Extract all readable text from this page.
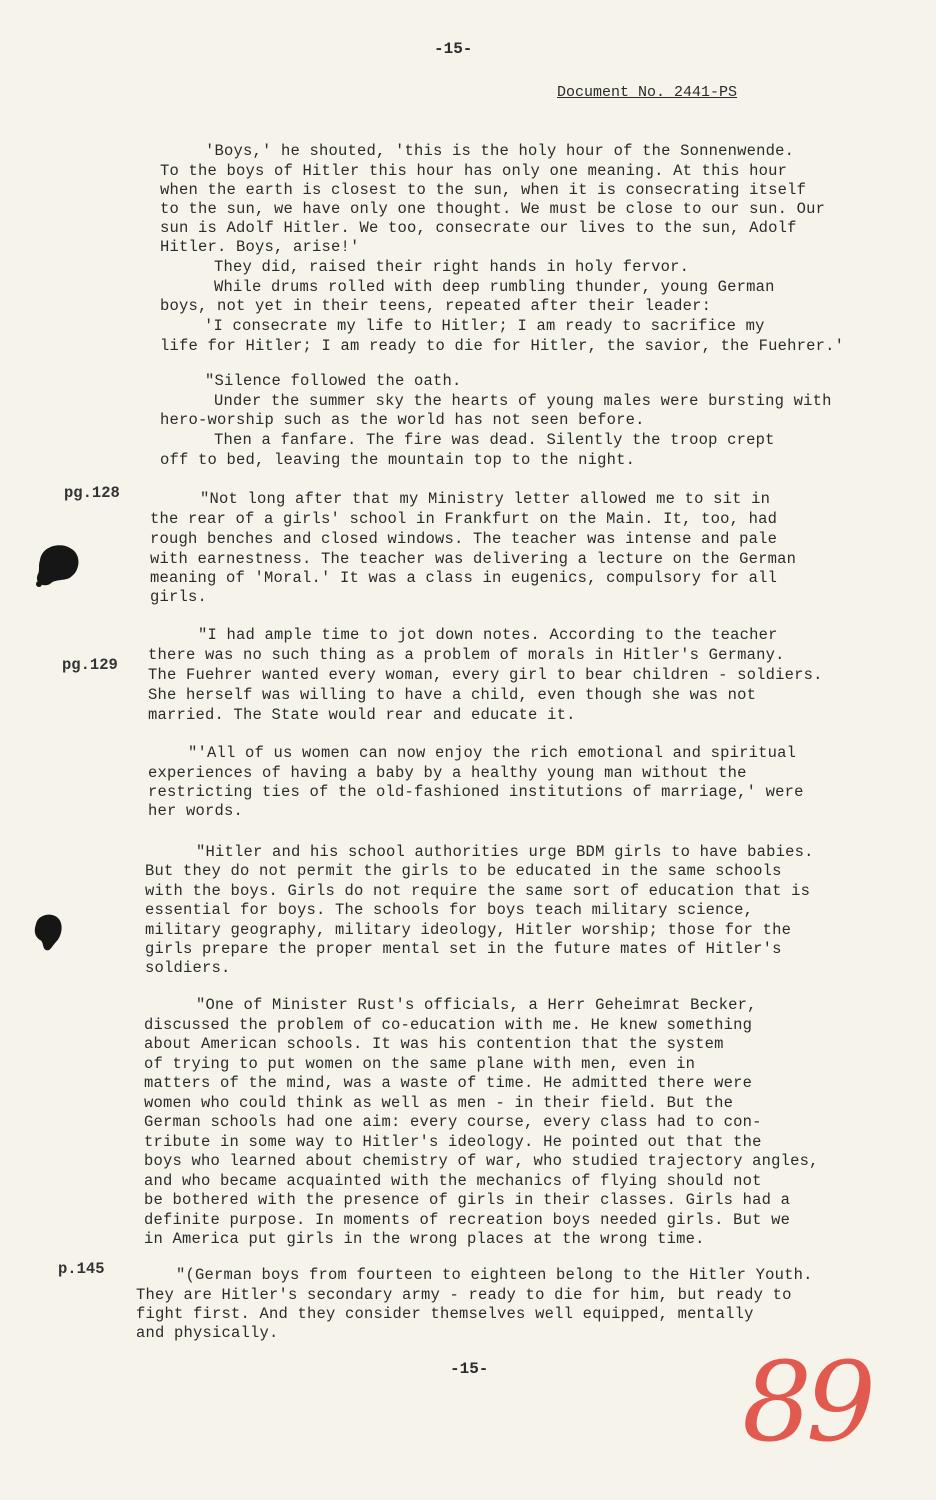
-15-
Document No. 2441-PS
pg.128
pg.129
p.145
'Boys,' he shouted, 'this is the holy hour of the Sonnenwende.
To the boys of Hitler this hour has only one meaning. At this hour
when the earth is closest to the sun, when it is consecrating itself
to the sun, we have only one thought. We must be close to our sun. Our
sun is Adolf Hitler. We too, consecrate our lives to the sun, Adolf
Hitler. Boys, arise!'
They did, raised their right hands in holy fervor.
While drums rolled with deep rumbling thunder, young German
boys, not yet in their teens, repeated after their leader:
'I consecrate my life to Hitler; I am ready to sacrifice my
life for Hitler; I am ready to die for Hitler, the savior, the Fuehrer.'
"Silence followed the oath.
Under the summer sky the hearts of young males were bursting with
hero-worship such as the world has not seen before.
Then a fanfare. The fire was dead. Silently the troop crept
off to bed, leaving the mountain top to the night.
"Not long after that my Ministry letter allowed me to sit in
the rear of a girls' school in Frankfurt on the Main. It, too, had
rough benches and closed windows. The teacher was intense and pale
with earnestness. The teacher was delivering a lecture on the German
meaning of 'Moral.' It was a class in eugenics, compulsory for all
girls.
"I had ample time to jot down notes. According to the teacher
there was no such thing as a problem of morals in Hitler's Germany.
The Fuehrer wanted every woman, every girl to bear children - soldiers.
She herself was willing to have a child, even though she was not
married. The State would rear and educate it.
"'All of us women can now enjoy the rich emotional and spiritual
experiences of having a baby by a healthy young man without the
restricting ties of the old-fashioned institutions of marriage,' were
her words.
"Hitler and his school authorities urge BDM girls to have babies.
But they do not permit the girls to be educated in the same schools
with the boys. Girls do not require the same sort of education that is
essential for boys. The schools for boys teach military science,
military geography, military ideology, Hitler worship; those for the
girls prepare the proper mental set in the future mates of Hitler's
soldiers.
"One of Minister Rust's officials, a Herr Geheimrat Becker,
discussed the problem of co-education with me. He knew something
about American schools. It was his contention that the system
of trying to put women on the same plane with men, even in
matters of the mind, was a waste of time. He admitted there were
women who could think as well as men - in their field. But the
German schools had one aim: every course, every class had to con-
tribute in some way to Hitler's ideology. He pointed out that the
boys who learned about chemistry of war, who studied trajectory angles,
and who became acquainted with the mechanics of flying should not
be bothered with the presence of girls in their classes. Girls had a
definite purpose. In moments of recreation boys needed girls. But we
in America put girls in the wrong places at the wrong time.
"(German boys from fourteen to eighteen belong to the Hitler Youth.
They are Hitler's secondary army - ready to die for him, but ready to
fight first. And they consider themselves well equipped, mentally
and physically.
-15- 89
